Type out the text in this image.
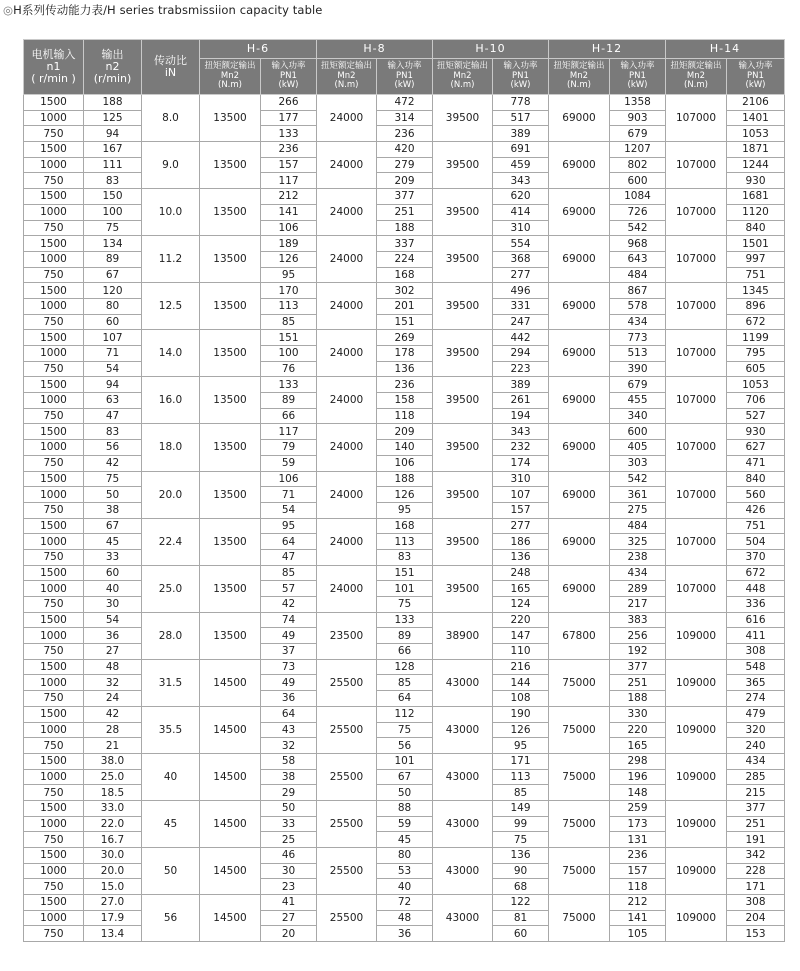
◎H系列传动能力表/H series trabsmissiion capacity table
电机输入
n1
( r/min )	输出
n2
(r/min)	传动比
iN	H-6		H-8		H-10		H-12		H-14	
			扭矩额定输出
Mn2
(N.m)	输入功率
PN1
(kW)	扭矩额定输出
Mn2
(N.m)	输入功率
PN1
(kW)	扭矩额定输出
Mn2
(N.m)	输入功率
PN1
(kW)	扭矩额定输出
Mn2
(N.m)	输入功率
PN1
(kW)	扭矩额定输出
Mn2
(N.m)	输入功率
PN1
(kW)
1500	188	8.0	13500	266	24000	472	39500	778	69000	1358	107000	2106
1000	125			177		314		517		903		1401
750	94			133		236		389		679		1053
1500	167	9.0	13500	236	24000	420	39500	691	69000	1207	107000	1871
1000	111			157		279		459		802		1244
750	83			117		209		343		600		930
1500	150	10.0	13500	212	24000	377	39500	620	69000	1084	107000	1681
1000	100			141		251		414		726		1120
750	75			106		188		310		542		840
1500	134	11.2	13500	189	24000	337	39500	554	69000	968	107000	1501
1000	89			126		224		368		643		997
750	67			95		168		277		484		751
1500	120	12.5	13500	170	24000	302	39500	496	69000	867	107000	1345
1000	80			113		201		331		578		896
750	60			85		151		247		434		672
1500	107	14.0	13500	151	24000	269	39500	442	69000	773	107000	1199
1000	71			100		178		294		513		795
750	54			76		136		223		390		605
1500	94	16.0	13500	133	24000	236	39500	389	69000	679	107000	1053
1000	63			89		158		261		455		706
750	47			66		118		194		340		527
1500	83	18.0	13500	117	24000	209	39500	343	69000	600	107000	930
1000	56			79		140		232		405		627
750	42			59		106		174		303		471
1500	75	20.0	13500	106	24000	188	39500	310	69000	542	107000	840
1000	50			71		126		107		361		560
750	38			54		95		157		275		426
1500	67	22.4	13500	95	24000	168	39500	277	69000	484	107000	751
1000	45			64		113		186		325		504
750	33			47		83		136		238		370
1500	60	25.0	13500	85	24000	151	39500	248	69000	434	107000	672
1000	40			57		101		165		289		448
750	30			42		75		124		217		336
1500	54	28.0	13500	74	23500	133	38900	220	67800	383	109000	616
1000	36			49		89		147		256		411
750	27			37		66		110		192		308
1500	48	31.5	14500	73	25500	128	43000	216	75000	377	109000	548
1000	32			49		85		144		251		365
750	24			36		64		108		188		274
1500	42	35.5	14500	64	25500	112	43000	190	75000	330	109000	479
1000	28			43		75		126		220		320
750	21			32		56		95		165		240
1500	38.0	40	14500	58	25500	101	43000	171	75000	298	109000	434
1000	25.0			38		67		113		196		285
750	18.5			29		50		85		148		215
1500	33.0	45	14500	50	25500	88	43000	149	75000	259	109000	377
1000	22.0			33		59		99		173		251
750	16.7			25		45		75		131		191
1500	30.0	50	14500	46	25500	80	43000	136	75000	236	109000	342
1000	20.0			30		53		90		157		228
750	15.0			23		40		68		118		171
1500	27.0	56	14500	41	25500	72	43000	122	75000	212	109000	308
1000	17.9			27		48		81		141		204
750	13.4			20		36		60		105		153
